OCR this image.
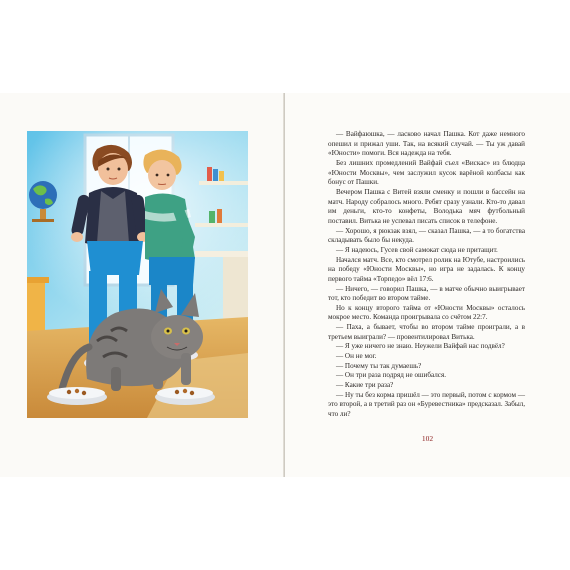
— Вайфаюшка, — ласково начал Пашка. Кот даже немного опешил и прижал уши. Так, на всякий случай. — Ты уж давай «Юности» помоги. Вся надежда на тебя.

Без лишних промедлений Вайфай съел «Вискас» из блюдца «Юности Москвы», чем заслужил кусок варёной колбасы как бонус от Пашки.

Вечером Пашка с Витей взяли сменку и пошли в бассейн на матч. Народу собралось много. Ребят сразу узнали. Кто-то давал им деньги, кто-то конфеты, Володька мяч футбольный поставил. Витька не успевал писать список в телефоне.

— Хорошо, я рюкзак взял, — сказал Пашка, — а то богатства складывать было бы некуда.

— Я надеюсь, Гусев свой самокат сюда не притащит.

Начался матч. Все, кто смотрел ролик на Ютубе, настроились на победу «Юности Москвы», но игра не задалась. К концу первого тайма «Торпедо» вёл 17:6.

— Ничего, — говорил Пашка, — в матче обычно выигрывает тот, кто победит во втором тайме.

Но к концу второго тайма от «Юности Москвы» осталось мокрое место. Команда проигрывала со счётом 22:7.

— Паха, а бывает, чтобы во втором тайме проиграли, а в третьем выиграли? — провентилировал Витька.

— Я уже ничего не знаю. Неужели Вайфай нас подвёл?

— Он не мог.

— Почему ты так думаешь?

— Он три раза подряд не ошибался.

— Какие три раза?

— Ну ты без корма пришёл — это первый, потом с кормом — это второй, а в третий раз он «Буревестника» предсказал. Забыл, что ли?

102
